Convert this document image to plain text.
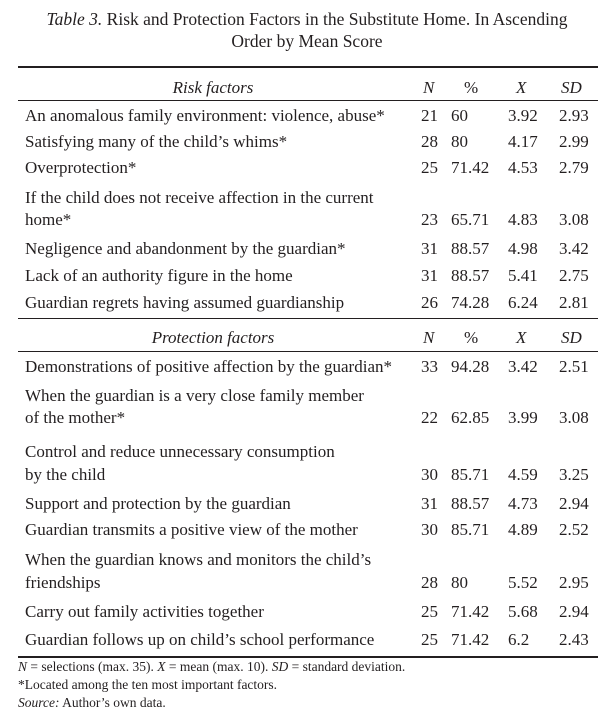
Table 3. Risk and Protection Factors in the Substitute Home. In Ascending
Order by Mean Score
Risk factors	N % X SD
An anomalous family environment: violence, abuse* 21 60 3.92 2.93
Satisfying many of the child’s whims*	28 80 4.17 2.99
Overprotection*	25 71.42 4.53 2.79
If the child does not receive affection in the current
home*	23 65.71 4.83 3.08
Negligence and abandonment by the guardian*	31 88.57 4.98 3.42
Lack of an authority figure in the home	31 88.57 5.41 2.75
Guardian regrets having assumed guardianship	26 74.28 6.24 2.81
Protection factors	N % X SD
Demonstrations of positive affection by the guardian* 33 94.28 3.42 2.51
When the guardian is a very close family member
of the mother*	22 62.85 3.99 3.08
Control and reduce unnecessary consumption
by the child	30 85.71 4.59 3.25
Support and protection by the guardian	31 88.57 4.73 2.94
Guardian transmits a positive view of the mother	30 85.71 4.89 2.52
When the guardian knows and monitors the child’s
friendships	28 80 5.52 2.95
Carry out family activities together	25 71.42 5.68 2.94
Guardian follows up on child’s school performance	25 71.42 6.2 2.43
N = selections (max. 35). X = mean (max. 10). SD = standard deviation.
*Located among the ten most important factors.
Source: Author’s own data.
